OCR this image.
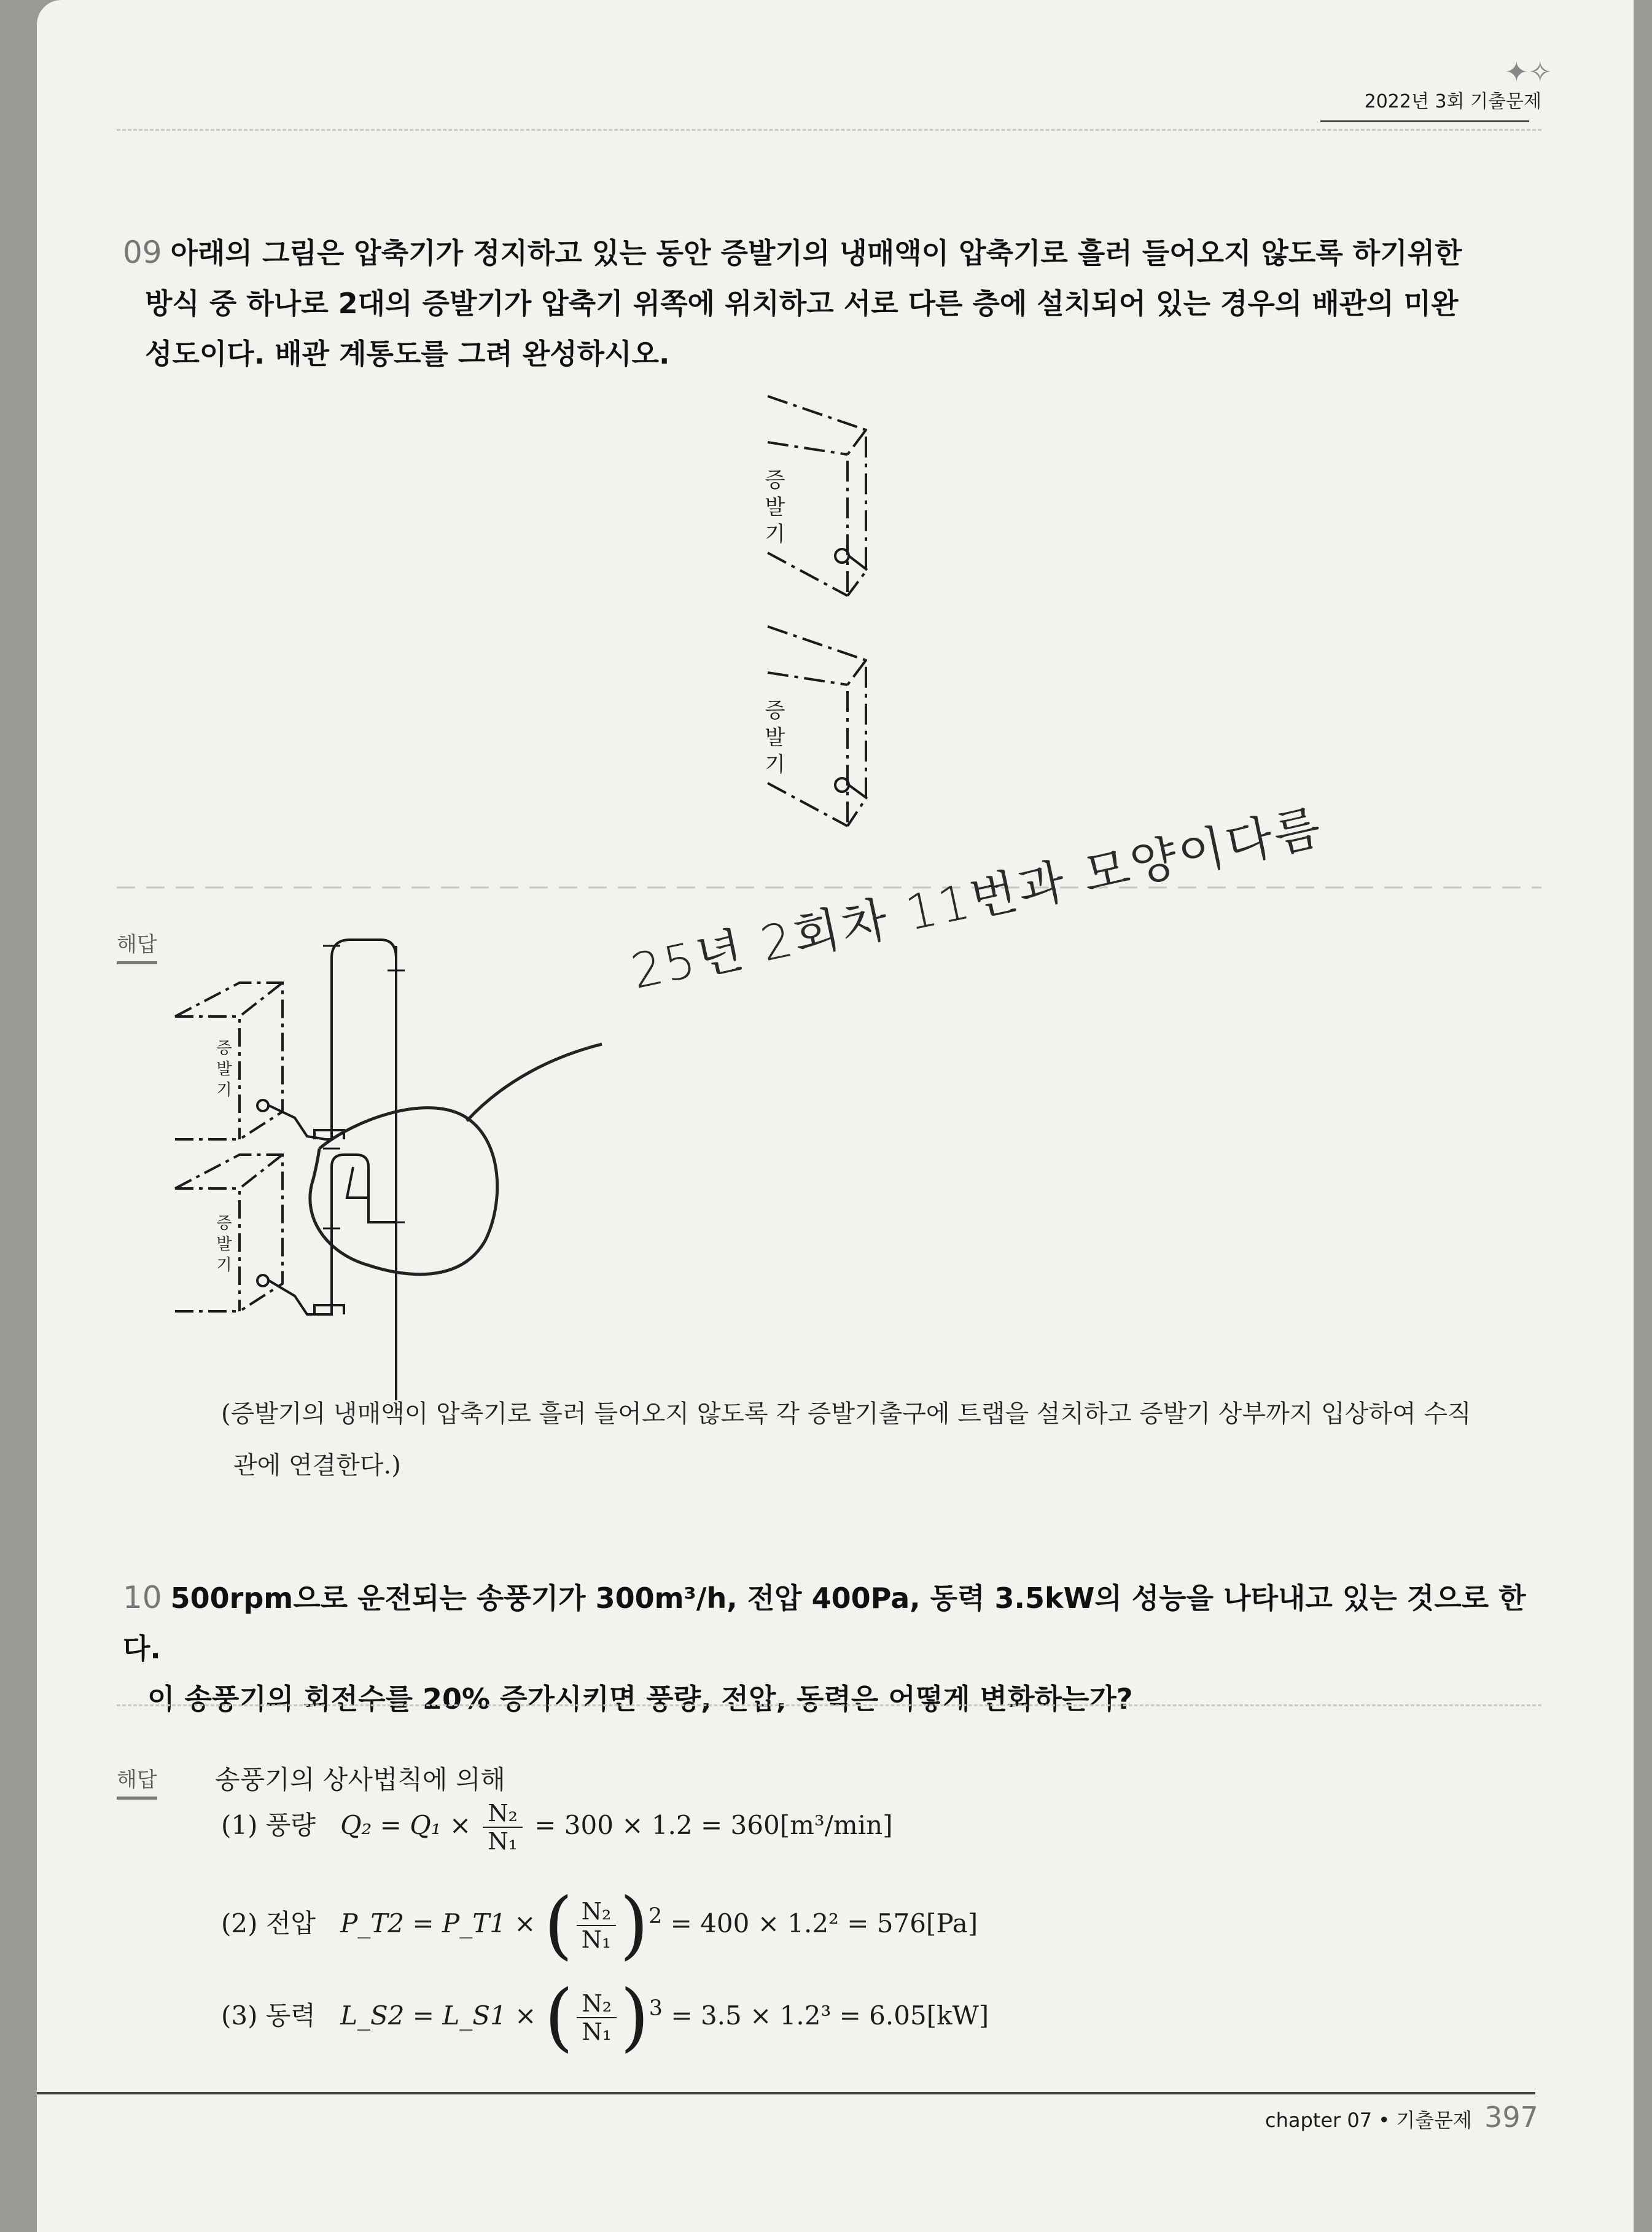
✦✧
2022년 3회 기출문제
09 아래의 그림은 압축기가 정지하고 있는 동안 증발기의 냉매액이 압축기로 흘러 들어오지 않도록 하기위한
방식 중 하나로 2대의 증발기가 압축기 위쪽에 위치하고 서로 다른 층에 설치되어 있는 경우의 배관의 미완
성도이다. 배관 계통도를 그려 완성하시오.
증
발
기
증
발
기
증
발
기
증
발
기
해답	25년 2회차 11번과 모양이다름
(증발기의 냉매액이 압축기로 흘러 들어오지 않도록 각 증발기출구에 트랩을 설치하고 증발기 상부까지 입상하여 수직
관에 연결한다.)
10 500rpm으로 운전되는 송풍기가 300m³/h, 전압 400Pa, 동력 3.5kW의 성능을 나타내고 있는 것으로 한다.
이 송풍기의 회전수를 20% 증가시키면 풍량, 전압, 동력은 어떻게 변화하는가?
해답 송풍기의 상사법칙에 의해
(1) 풍량 $Q_2 = Q_1 \times \frac{\text{N₂}}{\text{N₁}} = 300 \times 1.2 = 360[m^3/\min]$
(2) 전압 P_T2 = P_T1 × ( $\frac{\text{N₂}}{\text{N₁}} )^2 = 400 \times 1.2^2 = 576[Pa]$
(3) 동력 L_S2 = L_S1 × ( $\frac{\text{N₂}}{\text{N₁}} )^3 = 3.5 \times 1.2^3 = 6.05[kW]$
chapter 07 • 기출문제 397
